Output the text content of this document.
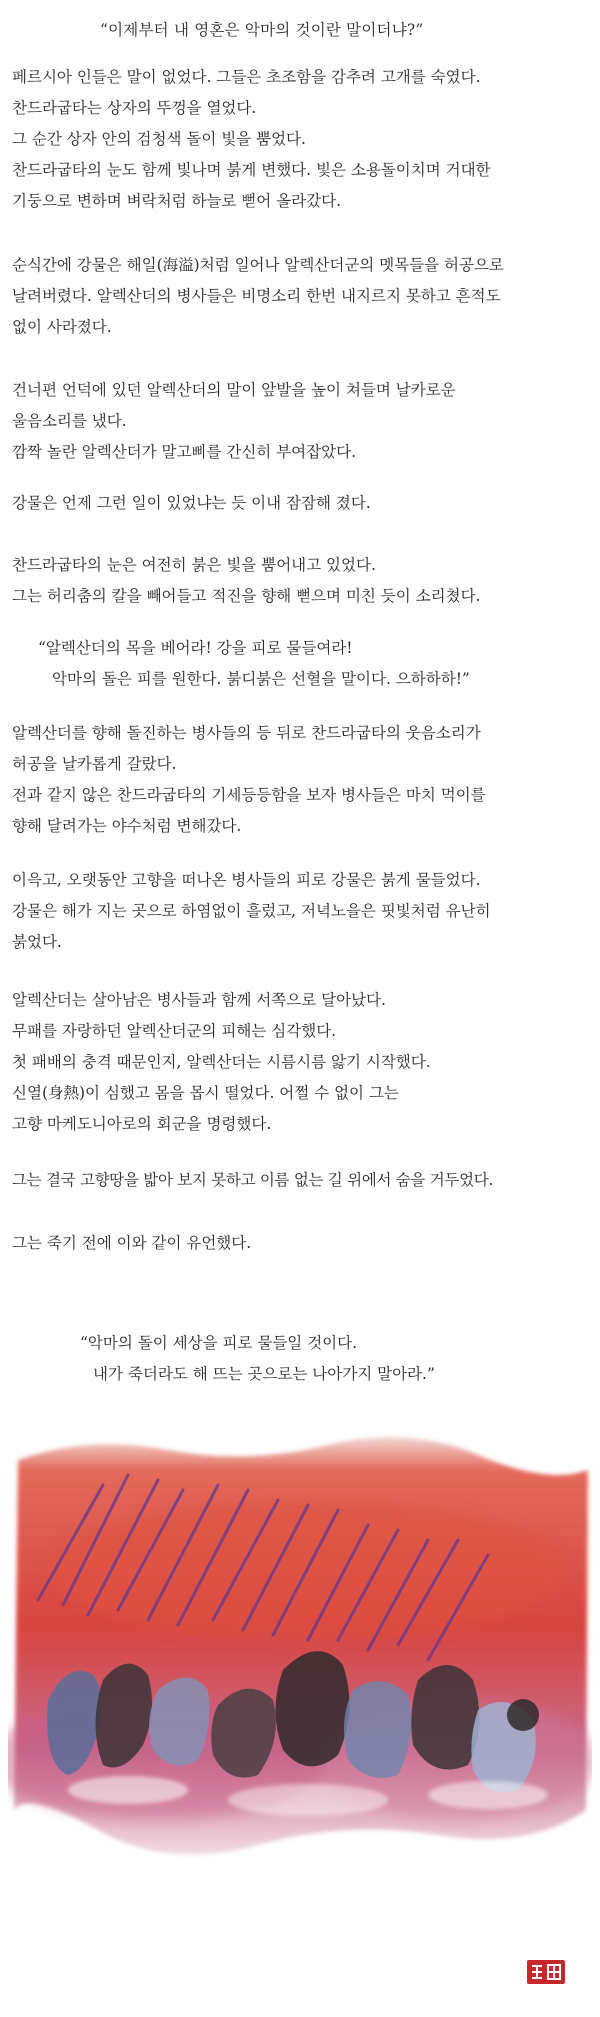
“이제부터 내 영혼은 악마의 것이란 말이더냐?”
페르시아 인들은 말이 없었다. 그들은 초조함을 감추려 고개를 숙였다.
찬드라굽타는 상자의 뚜껑을 열었다.
그 순간 상자 안의 검청색 돌이 빛을 뿜었다.
찬드라굽타의 눈도 함께 빛나며 붉게 변했다. 빛은 소용돌이치며 거대한
기둥으로 변하며 벼락처럼 하늘로 뻗어 올라갔다.
순식간에 강물은 해일(海溢)처럼 일어나 알렉산더군의 멧목들을 허공으로
날려버렸다. 알렉산더의 병사들은 비명소리 한번 내지르지 못하고 흔적도
없이 사라졌다.
건너편 언덕에 있던 알렉산더의 말이 앞발을 높이 쳐들며 날카로운
울음소리를 냈다.
깜짝 놀란 알렉산더가 말고삐를 간신히 부여잡았다.
강물은 언제 그런 일이 있었냐는 듯 이내 잠잠해 졌다.
찬드라굽타의 눈은 여전히 붉은 빛을 뿜어내고 있었다.
그는 허리춤의 칼을 빼어들고 적진을 향해 뻗으며 미친 듯이 소리쳤다.
“알렉산더의 목을 베어라! 강을 피로 물들여라!
악마의 돌은 피를 원한다. 붉디붉은 선혈을 말이다. 으하하하!”
알렉산더를 향해 돌진하는 병사들의 등 뒤로 찬드라굽타의 웃음소리가
허공을 날카롭게 갈랐다.
전과 같지 않은 찬드라굽타의 기세등등함을 보자 병사들은 마치 먹이를
향해 달려가는 야수처럼 변해갔다.
이윽고, 오랫동안 고향을 떠나온 병사들의 피로 강물은 붉게 물들었다.
강물은 해가 지는 곳으로 하염없이 흘렀고, 저녁노을은 핏빛처럼 유난히
붉었다.
알렉산더는 살아남은 병사들과 함께 서쪽으로 달아났다.
무패를 자랑하던 알렉산더군의 피해는 심각했다.
첫 패배의 충격 때문인지, 알렉산더는 시름시름 앓기 시작했다.
신열(身熱)이 심했고 몸을 몹시 떨었다. 어쩔 수 없이 그는
고향 마케도니아로의 회군을 명령했다.
그는 결국 고향땅을 밟아 보지 못하고 이름 없는 길 위에서 숨을 거두었다.
그는 죽기 전에 이와 같이 유언했다.
“악마의 돌이 세상을 피로 물들일 것이다.
내가 죽더라도 해 뜨는 곳으로는 나아가지 말아라.”
